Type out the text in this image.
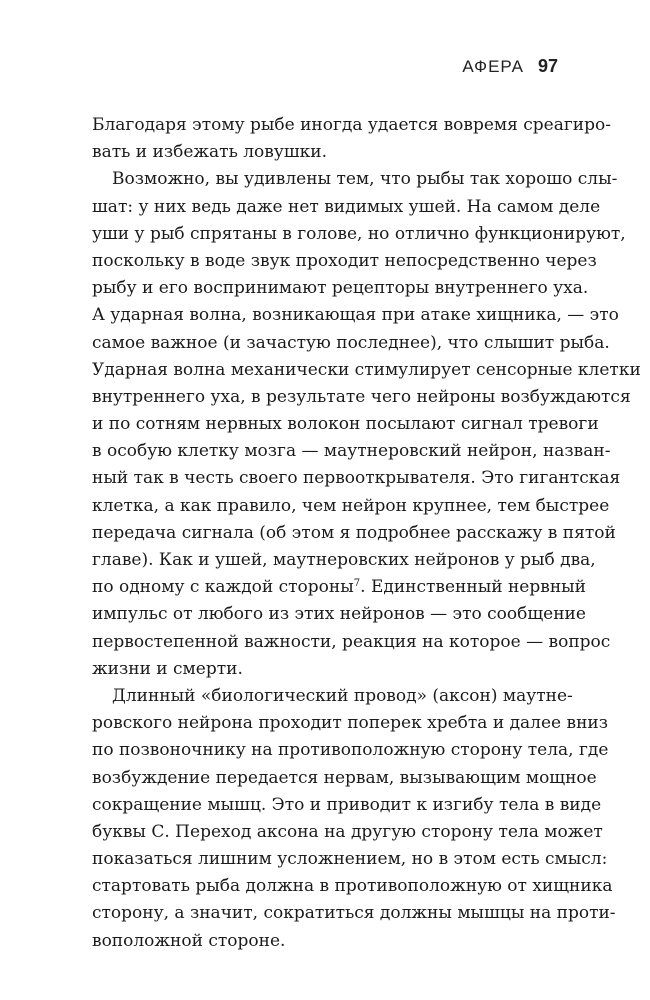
АФЕРА 97

Благодаря этому рыбе иногда удается вовремя среагиро-
вать и избежать ловушки.

Возможно, вы удивлены тем, что рыбы так хорошо слы-
шат: у них ведь даже нет видимых ушей. На самом деле
уши у рыб спрятаны в голове, но отлично функционируют,
поскольку в воде звук проходит непосредственно через
рыбу и его воспринимают рецепторы внутреннего уха.
А ударная волна, возникающая при атаке хищника, — это
самое важное (и зачастую последнее), что слышит рыба.
Ударная волна механически стимулирует сенсорные клетки
внутреннего уха, в результате чего нейроны возбуждаются
и по сотням нервных волокон посылают сигнал тревоги
в особую клетку мозга — маутнеровский нейрон, назван-
ный так в честь своего первооткрывателя. Это гигантская
клетка, а как правило, чем нейрон крупнее, тем быстрее
передача сигнала (об этом я подробнее расскажу в пятой
главе). Как и ушей, маутнеровских нейронов у рыб два,
по одному с каждой стороны$^7$. Единственный нервный
импульс от любого из этих нейронов — это сообщение
первостепенной важности, реакция на которое — вопрос
жизни и смерти.

Длинный «биологический провод» (аксон) маутне-
ровского нейрона проходит поперек хребта и далее вниз
по позвоночнику на противоположную сторону тела, где
возбуждение передается нервам, вызывающим мощное
сокращение мышц. Это и приводит к изгибу тела в виде
буквы С. Переход аксона на другую сторону тела может
показаться лишним усложнением, но в этом есть смысл:
стартовать рыба должна в противоположную от хищника
сторону, а значит, сократиться должны мышцы на проти-
воположной стороне.
